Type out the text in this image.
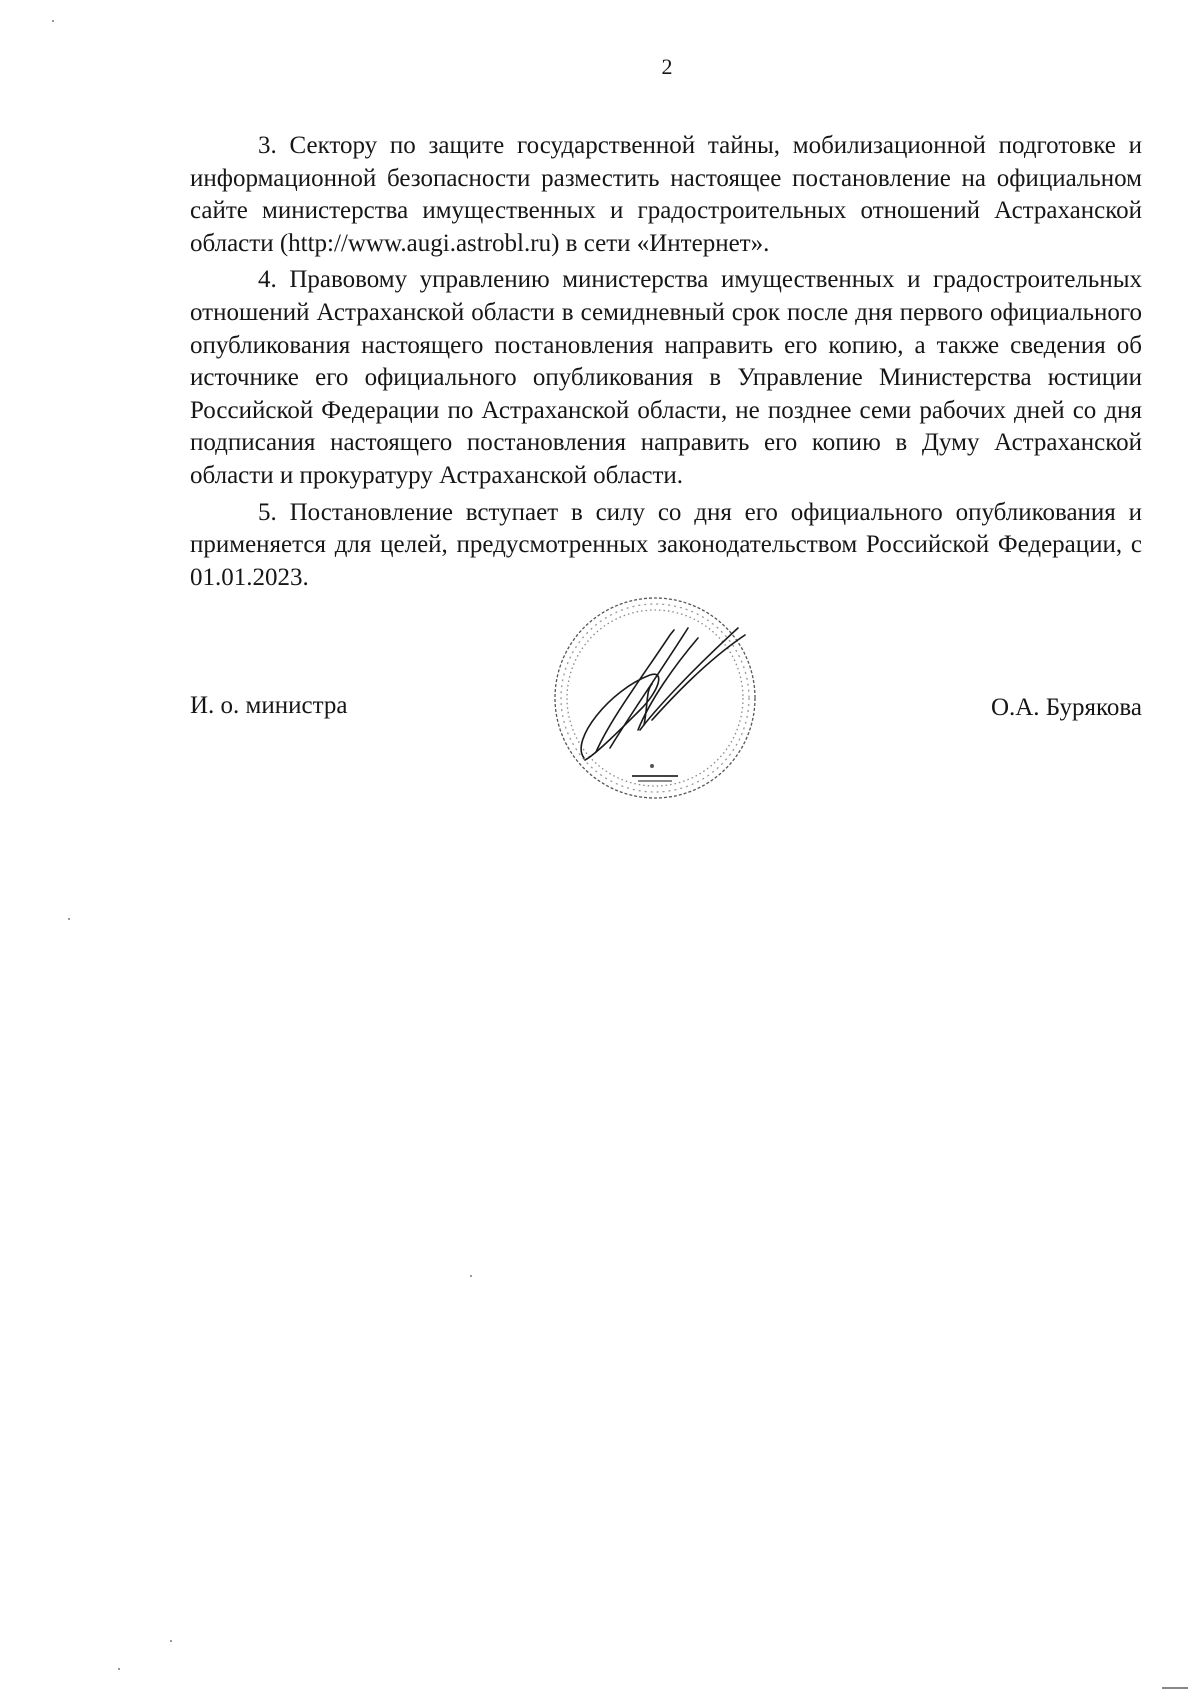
2

3. Сектору по защите государственной тайны, мобилизационной подготовке и информационной безопасности разместить настоящее постановление на официальном сайте министерства имущественных и градостроительных отношений Астраханской области (http://www.augi.astrobl.ru) в сети «Интернет».

4. Правовому управлению министерства имущественных и градостроительных отношений Астраханской области в семидневный срок после дня первого официального опубликования настоящего постановления направить его копию, а также сведения об источнике его официального опубликования в Управление Министерства юстиции Российской Федерации по Астраханской области, не позднее семи рабочих дней со дня подписания настоящего постановления направить его копию в Думу Астраханской области и прокуратуру Астраханской области.

5. Постановление вступает в силу со дня его официального опубликования и применяется для целей, предусмотренных законодательством Российской Федерации, с 01.01.2023.

И. о. министра	О.А. Бурякова
